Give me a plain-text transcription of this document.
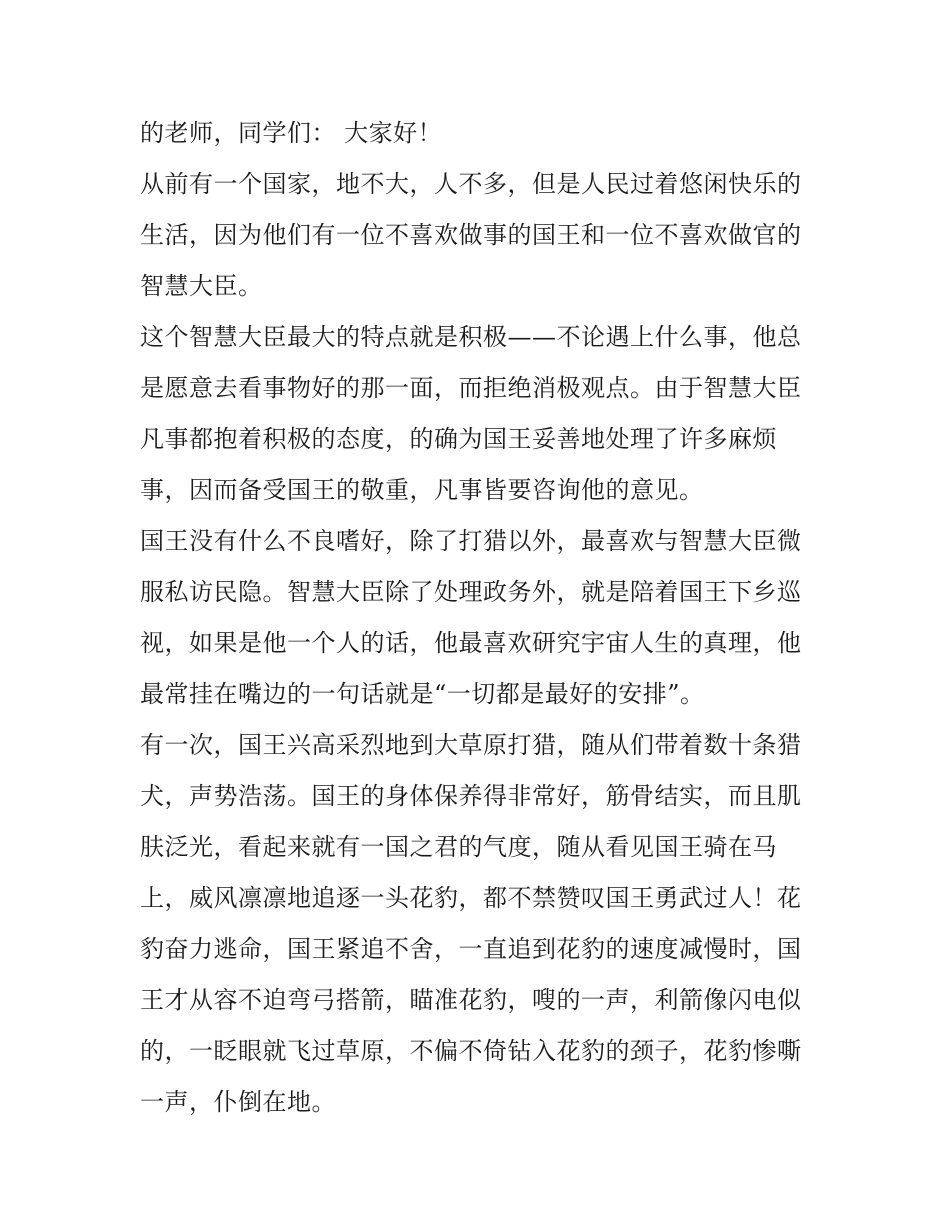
的老师，同学们： 大家好！
从前有一个国家，地不大，人不多，但是人民过着悠闲快乐的
生活，因为他们有一位不喜欢做事的国王和一位不喜欢做官的
智慧大臣。
这个智慧大臣最大的特点就是积极——不论遇上什么事，他总
是愿意去看事物好的那一面，而拒绝消极观点。由于智慧大臣
凡事都抱着积极的态度，的确为国王妥善地处理了许多麻烦
事，因而备受国王的敬重，凡事皆要咨询他的意见。
国王没有什么不良嗜好，除了打猎以外，最喜欢与智慧大臣微
服私访民隐。智慧大臣除了处理政务外，就是陪着国王下乡巡
视，如果是他一个人的话，他最喜欢研究宇宙人生的真理，他
最常挂在嘴边的一句话就是“一切都是最好的安排”。
有一次，国王兴高采烈地到大草原打猎，随从们带着数十条猎
犬，声势浩荡。国王的身体保养得非常好，筋骨结实，而且肌
肤泛光，看起来就有一国之君的气度，随从看见国王骑在马
上，威风凛凛地追逐一头花豹，都不禁赞叹国王勇武过人！花
豹奋力逃命，国王紧追不舍，一直追到花豹的速度减慢时，国
王才从容不迫弯弓搭箭，瞄准花豹，嗖的一声，利箭像闪电似
的，一眨眼就飞过草原，不偏不倚钻入花豹的颈子，花豹惨嘶
一声，仆倒在地。
